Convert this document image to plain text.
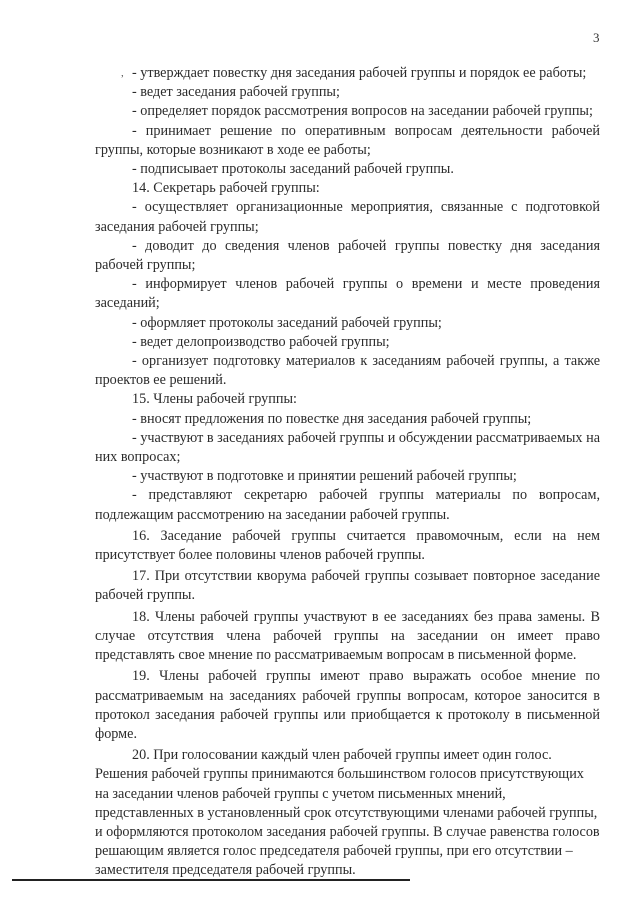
3
, - утверждает повестку дня заседания рабочей группы и порядок ее работы;

- ведет заседания рабочей группы;

- определяет порядок рассмотрения вопросов на заседании рабочей группы;

- принимает решение по оперативным вопросам деятельности рабочей группы, которые возникают в ходе ее работы;

- подписывает протоколы заседаний рабочей группы.

14. Секретарь рабочей группы:

- осуществляет организационные мероприятия, связанные с подготовкой заседания рабочей группы;

- доводит до сведения членов рабочей группы повестку дня заседания рабочей группы;

- информирует членов рабочей группы о времени и месте проведения заседаний;

- оформляет протоколы заседаний рабочей группы;

- ведет делопроизводство рабочей группы;

- организует подготовку материалов к заседаниям рабочей группы, а также проектов ее решений.

15. Члены рабочей группы:

- вносят предложения по повестке дня заседания рабочей группы;

- участвуют в заседаниях рабочей группы и обсуждении рассматриваемых на них вопросах;

- участвуют в подготовке и принятии решений рабочей группы;

- представляют секретарю рабочей группы материалы по вопросам, подлежащим рассмотрению на заседании рабочей группы.

16. Заседание рабочей группы считается правомочным, если на нем присутствует более половины членов рабочей группы.

17. При отсутствии кворума рабочей группы созывает повторное заседание рабочей группы.

18. Члены рабочей группы участвуют в ее заседаниях без права замены. В случае отсутствия члена рабочей группы на заседании он имеет право представлять свое мнение по рассматриваемым вопросам в письменной форме.

19. Члены рабочей группы имеют право выражать особое мнение по рассматриваемым на заседаниях рабочей группы вопросам, которое заносится в протокол заседания рабочей группы или приобщается к протоколу в письменной форме.

20. При голосовании каждый член рабочей группы имеет один голос. Решения рабочей группы принимаются большинством голосов присутствующих на заседании членов рабочей группы с учетом письменных мнений, представленных в установленный срок отсутствующими членами рабочей группы, и оформляются протоколом заседания рабочей группы. В случае равенства голосов решающим является голос председателя рабочей группы, при его отсутствии – заместителя председателя рабочей группы.
